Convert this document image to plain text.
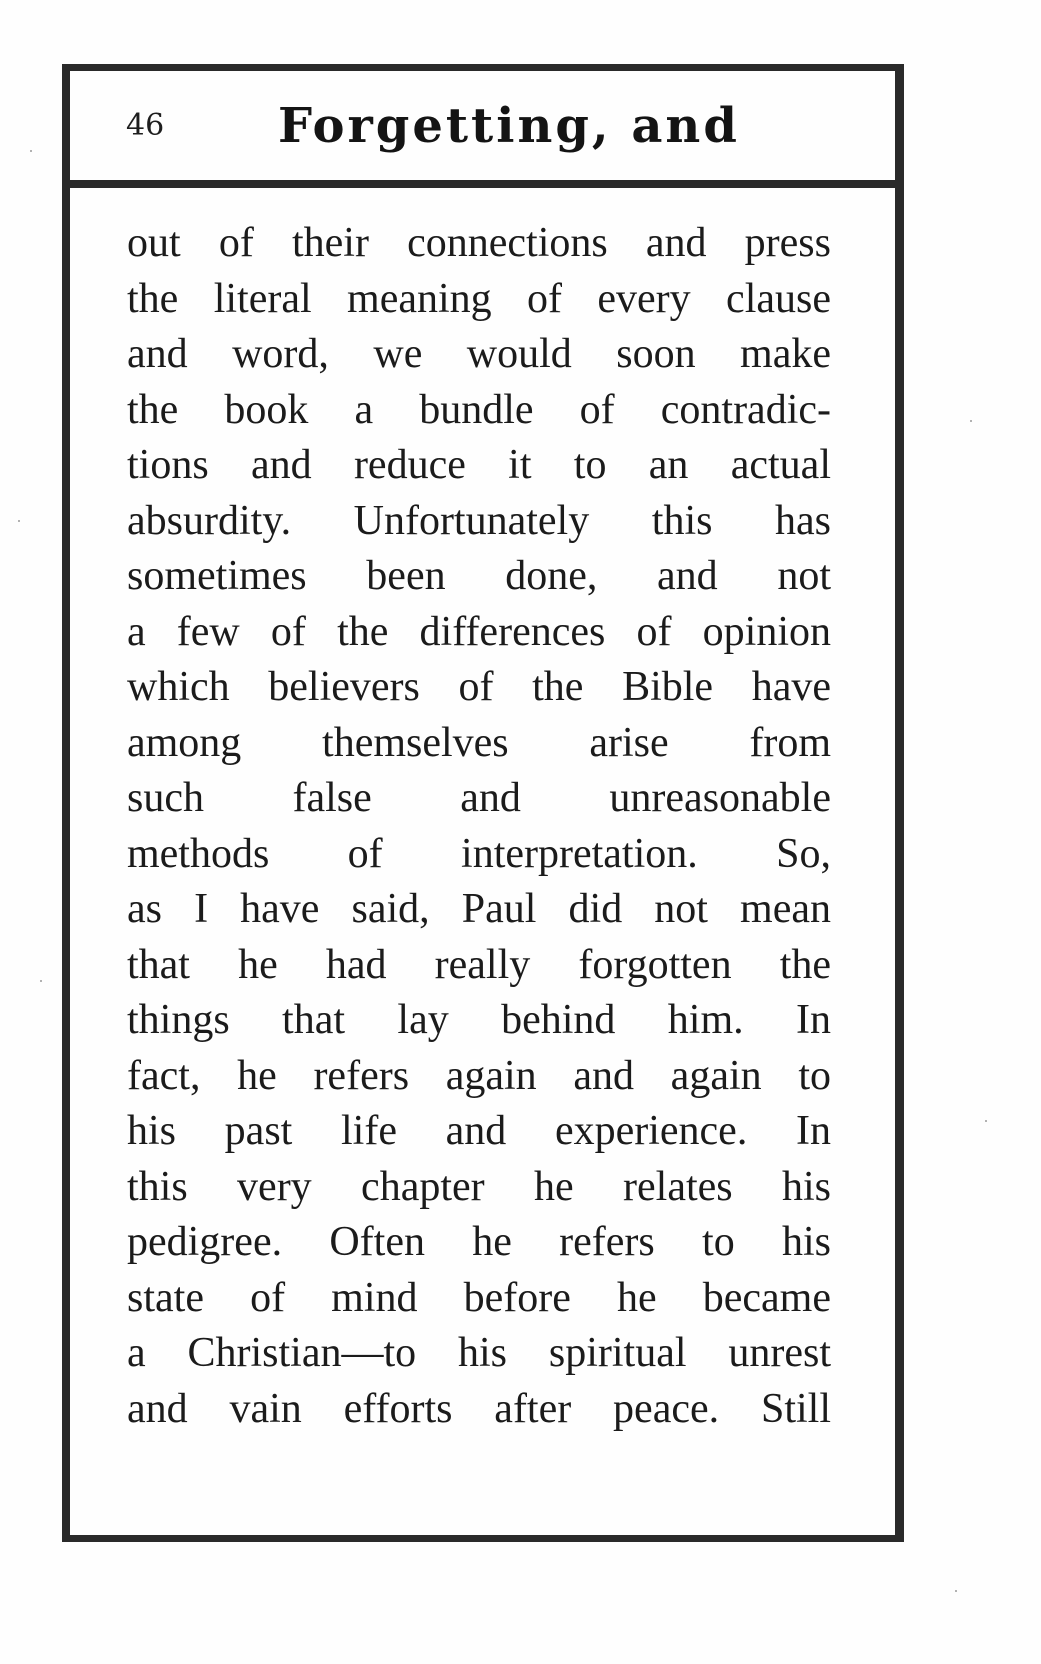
46 Forgetting, and
out of their connections and press
the literal meaning of every clause
and word, we would soon make
the book a bundle of contradic-
tions and reduce it to an actual
absurdity. Unfortunately this has
sometimes been done, and not
a few of the differences of opinion
which believers of the Bible have
among themselves arise from
such false and unreasonable
methods of interpretation. So,
as I have said, Paul did not mean
that he had really forgotten the
things that lay behind him. In
fact, he refers again and again to
his past life and experience. In
this very chapter he relates his
pedigree. Often he refers to his
state of mind before he became
a Christian—to his spiritual unrest
and vain efforts after peace. Still
